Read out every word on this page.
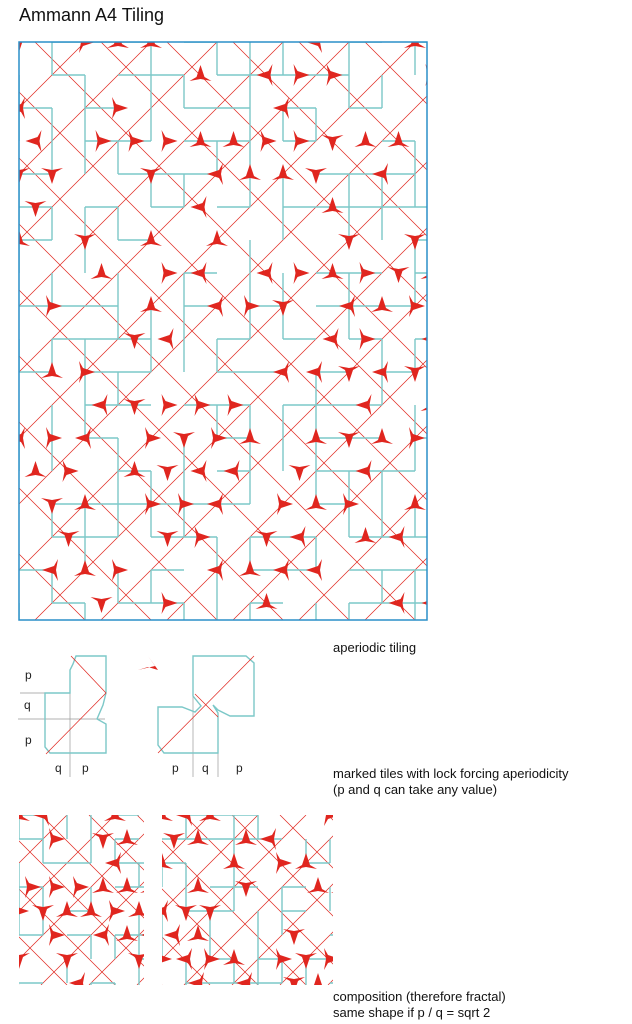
Ammann A4 Tiling
p
q
p
q p	p q p
aperiodic tiling
marked tiles with lock forcing aperiodicity
(p and q can take any value)
composition (therefore fractal)
same shape if p / q = sqrt 2
